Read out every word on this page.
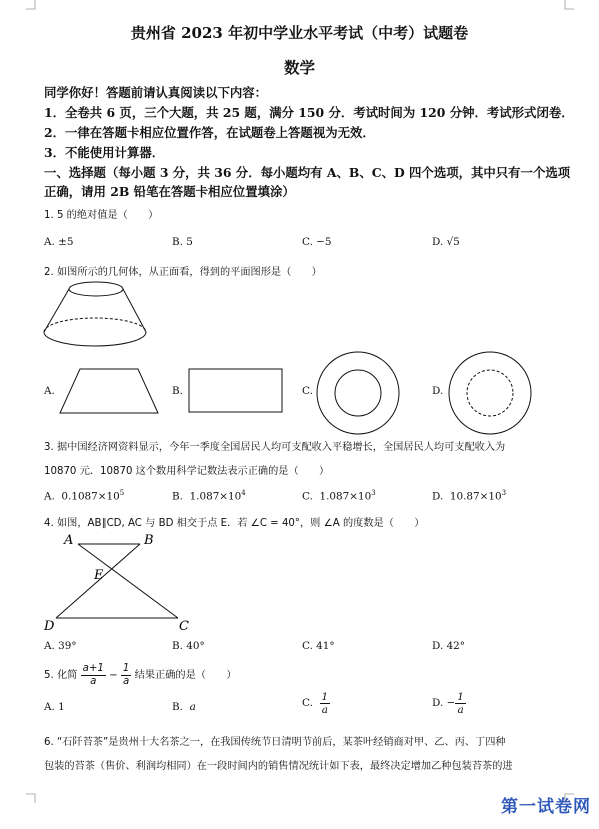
贵州省 2023 年初中学业水平考试（中考）试题卷
数学
同学你好！答题前请认真阅读以下内容：
1．全卷共 6 页，三个大题，共 25 题，满分 150 分．考试时间为 120 分钟．考试形式闭卷．
2．一律在答题卡相应位置作答，在试题卷上答题视为无效．
3．不能使用计算器．
一、选择题（每小题 3 分，共 36 分．每小题均有 A、B、C、D 四个选项，其中只有一个选项
正确，请用 2B 铅笔在答题卡相应位置填涂）
1. 5 的绝对值是（　　）
A. ±5	B. 5	C. −5	D. √5
2. 如图所示的几何体，从正面看，得到的平面图形是（　　）
A.	B.	C.	D.
3. 据中国经济网资料显示，今年一季度全国居民人均可支配收入平稳增长，全国居民人均可支配收入为
10870 元．10870 这个数用科学记数法表示正确的是（　　）
A. $0.1087\times 10^5$	B. $1.087\times 10^4$	C. $1.087\times 10^3$	D. $10.87\times 10^3$
4. 如图，AB∥CD, AC 与 BD 相交于点 E．若 ∠C = 40°，则 ∠A 的度数是（　　）
A	B
E
D	C
A. 39°	B. 40°	C. 41°	D. 42°
5. 化简 $\frac{a+1}{a} - \frac{1}{a}$ 结果正确的是（　　）
A. 1	B. a	C. $\frac{1}{a}$	D. − $\frac{1}{a}$
6. “石阡苔茶”是贵州十大名茶之一，在我国传统节日清明节前后，某茶叶经销商对甲、乙、丙、丁四种
包装的苔茶（售价、利润均相同）在一段时间内的销售情况统计如下表，最终决定增加乙种包装苔茶的进
第一试卷网
